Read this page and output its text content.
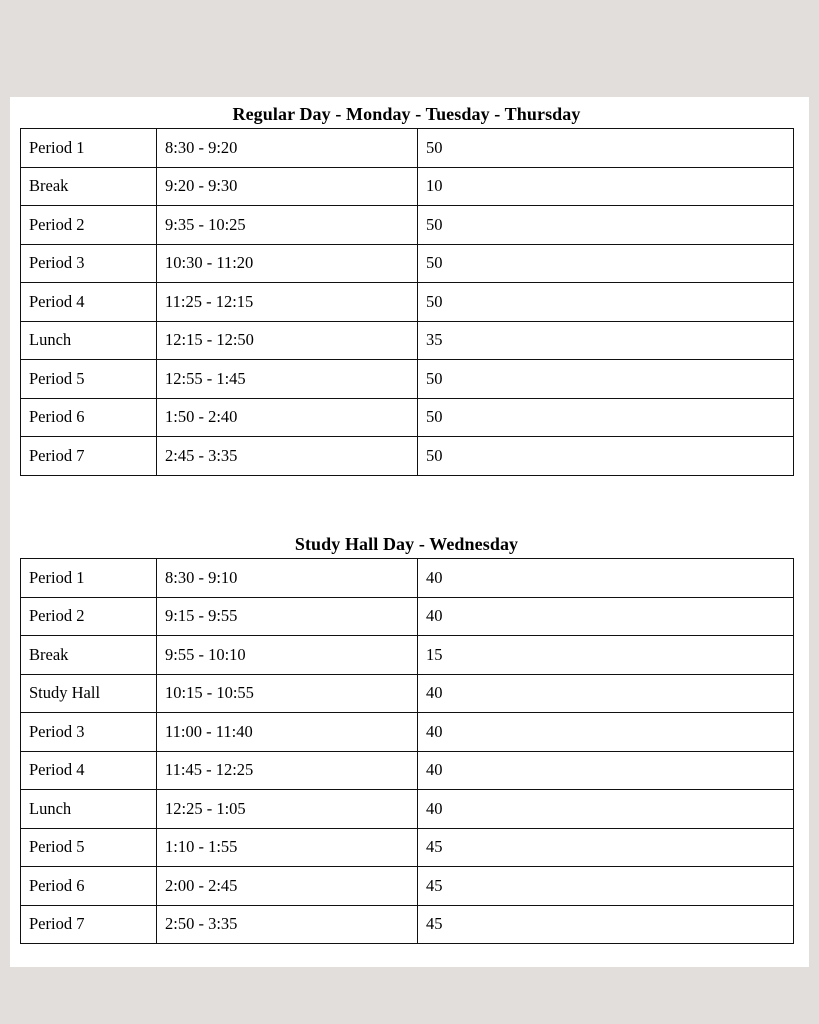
Regular Day - Monday - Tuesday - Thursday
Period 1	8:30 - 9:20	50
Break	9:20 - 9:30	10
Period 2	9:35 - 10:25	50
Period 3	10:30 - 11:20	50
Period 4	11:25 - 12:15	50
Lunch	12:15 - 12:50	35
Period 5	12:55 - 1:45	50
Period 6	1:50 - 2:40	50
Period 7	2:45 - 3:35	50
Study Hall Day - Wednesday
Period 1	8:30 - 9:10	40
Period 2	9:15 - 9:55	40
Break	9:55 - 10:10	15
Study Hall	10:15 - 10:55	40
Period 3	11:00 - 11:40	40
Period 4	11:45 - 12:25	40
Lunch	12:25 - 1:05	40
Period 5	1:10 - 1:55	45
Period 6	2:00 - 2:45	45
Period 7	2:50 - 3:35	45
